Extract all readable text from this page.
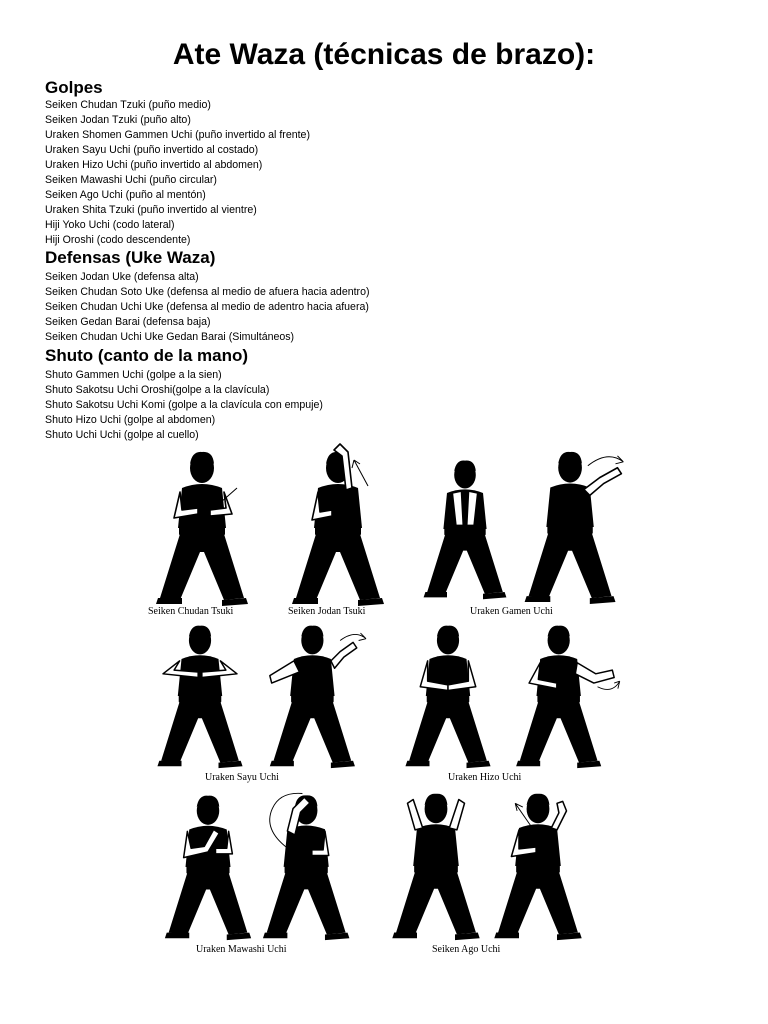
Ate Waza (técnicas de brazo):
Golpes
Seiken Chudan Tzuki (puño medio)
Seiken Jodan Tzuki (puño alto)
Uraken Shomen Gammen Uchi (puño invertido al frente)
Uraken Sayu Uchi (puño invertido al costado)
Uraken Hizo Uchi (puño invertido al abdomen)
Seiken Mawashi Uchi (puño circular)
Seiken Ago Uchi (puño al mentón)
Uraken Shita Tzuki (puño invertido al vientre)
Hiji Yoko Uchi (codo lateral)
Hiji Oroshi (codo descendente)
Defensas (Uke Waza)
Seiken Jodan Uke (defensa alta)
Seiken Chudan Soto Uke (defensa al medio de afuera hacia adentro)
Seiken Chudan Uchi Uke (defensa al medio de adentro hacia afuera)
Seiken Gedan Barai (defensa baja)
Seiken Chudan Uchi Uke Gedan Barai (Simultáneos)
Shuto (canto de la mano)
Shuto Gammen Uchi (golpe a la sien)
Shuto Sakotsu Uchi Oroshi(golpe a la clavícula)
Shuto Sakotsu Uchi Komi (golpe a la clavícula con empuje)
Shuto Hizo Uchi (golpe al abdomen)
Shuto Uchi Uchi (golpe al cuello)
Seiken Chudan Tsuki	Seiken Jodan Tsuki	Uraken Gamen Uchi
Uraken Sayu Uchi	Uraken Hizo Uchi
Uraken Mawashi Uchi	Seiken Ago Uchi
